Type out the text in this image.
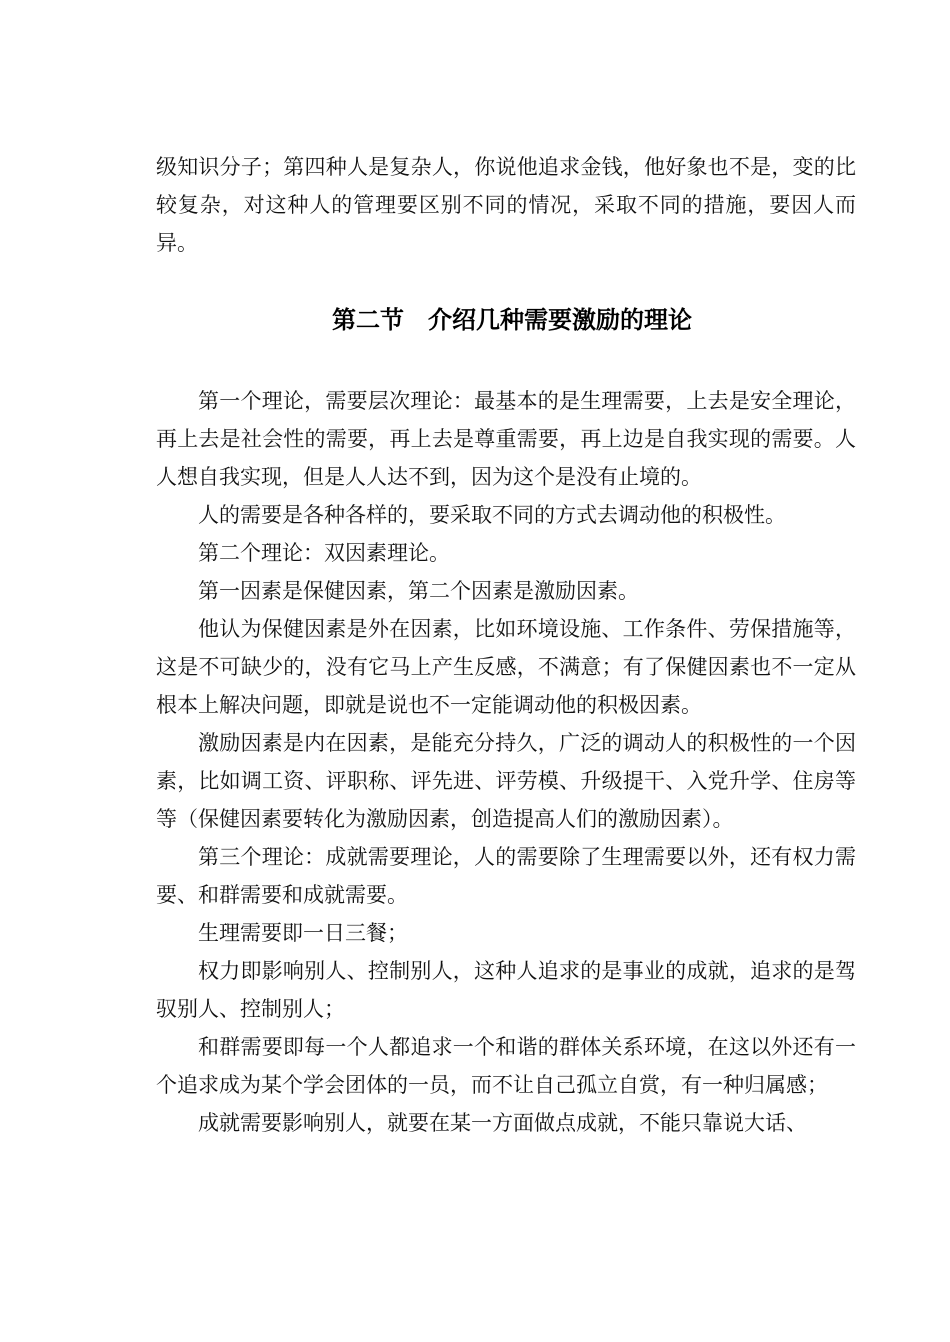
级知识分子；第四种人是复杂人，你说他追求金钱，他好象也不是，变的比较复杂，对这种人的管理要区别不同的情况，采取不同的措施，要因人而异。

第二节　介绍几种需要激励的理论

第一个理论，需要层次理论：最基本的是生理需要，上去是安全理论，再上去是社会性的需要，再上去是尊重需要，再上边是自我实现的需要。人人想自我实现，但是人人达不到，因为这个是没有止境的。

人的需要是各种各样的，要采取不同的方式去调动他的积极性。

第二个理论：双因素理论。

第一因素是保健因素，第二个因素是激励因素。

他认为保健因素是外在因素，比如环境设施、工作条件、劳保措施等，这是不可缺少的，没有它马上产生反感，不满意；有了保健因素也不一定从根本上解决问题，即就是说也不一定能调动他的积极因素。

激励因素是内在因素，是能充分持久，广泛的调动人的积极性的一个因素，比如调工资、评职称、评先进、评劳模、升级提干、入党升学、住房等等（保健因素要转化为激励因素，创造提高人们的激励因素）。

第三个理论：成就需要理论，人的需要除了生理需要以外，还有权力需要、和群需要和成就需要。

生理需要即一日三餐；

权力即影响别人、控制别人，这种人追求的是事业的成就，追求的是驾驭别人、控制别人；

和群需要即每一个人都追求一个和谐的群体关系环境，在这以外还有一个追求成为某个学会团体的一员，而不让自己孤立自赏，有一种归属感；

成就需要影响别人，就要在某一方面做点成就，不能只靠说大话、
